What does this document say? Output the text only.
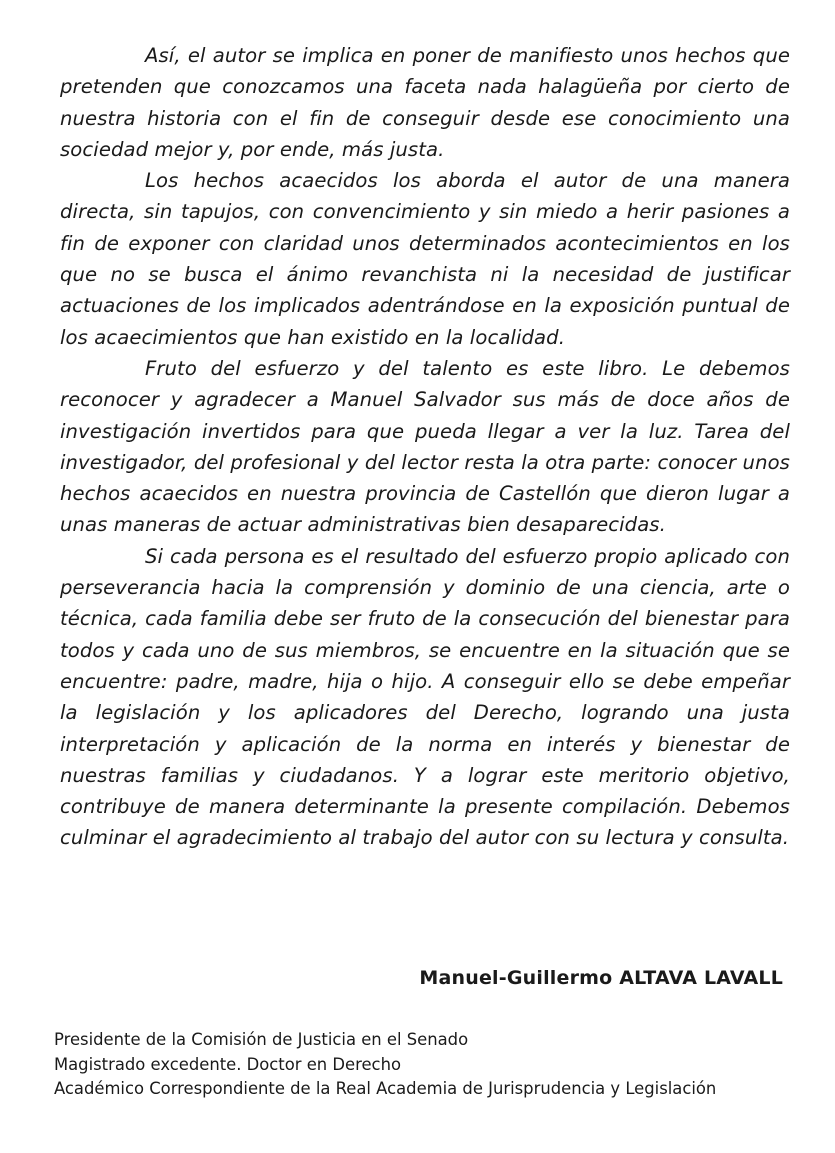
Así, el autor se implica en poner de manifiesto unos hechos que pretenden que conozcamos una faceta nada halagüeña por cierto de nuestra historia con el fin de conseguir desde ese conocimiento una sociedad mejor y, por ende, más justa.

Los hechos acaecidos los aborda el autor de una manera directa, sin tapujos, con convencimiento y sin miedo a herir pasiones a fin de exponer con claridad unos determinados acontecimientos en los que no se busca el ánimo revanchista ni la necesidad de justificar actuaciones de los implicados adentrándose en la exposición puntual de los acaecimientos que han existido en la localidad.

Fruto del esfuerzo y del talento es este libro. Le debemos reconocer y agradecer a Manuel Salvador sus más de doce años de investigación invertidos para que pueda llegar a ver la luz. Tarea del investigador, del profesional y del lector resta la otra parte: conocer unos hechos acaecidos en nuestra provincia de Castellón que dieron lugar a unas maneras de actuar administrativas bien desaparecidas.

Si cada persona es el resultado del esfuerzo propio aplicado con perseverancia hacia la comprensión y dominio de una ciencia, arte o técnica, cada familia debe ser fruto de la consecución del bienestar para todos y cada uno de sus miembros, se encuentre en la situación que se encuentre: padre, madre, hija o hijo. A conseguir ello se debe empeñar la legislación y los aplicadores del Derecho, logrando una justa interpretación y aplicación de la norma en interés y bienestar de nuestras familias y ciudadanos. Y a lograr este meritorio objetivo, contribuye de manera determinante la presente compilación. Debemos culminar el agradecimiento al trabajo del autor con su lectura y consulta.

Manuel-Guillermo ALTAVA LAVALL
Presidente de la Comisión de Justicia en el Senado
Magistrado excedente. Doctor en Derecho
Académico Correspondiente de la Real Academia de Jurisprudencia y Legislación
